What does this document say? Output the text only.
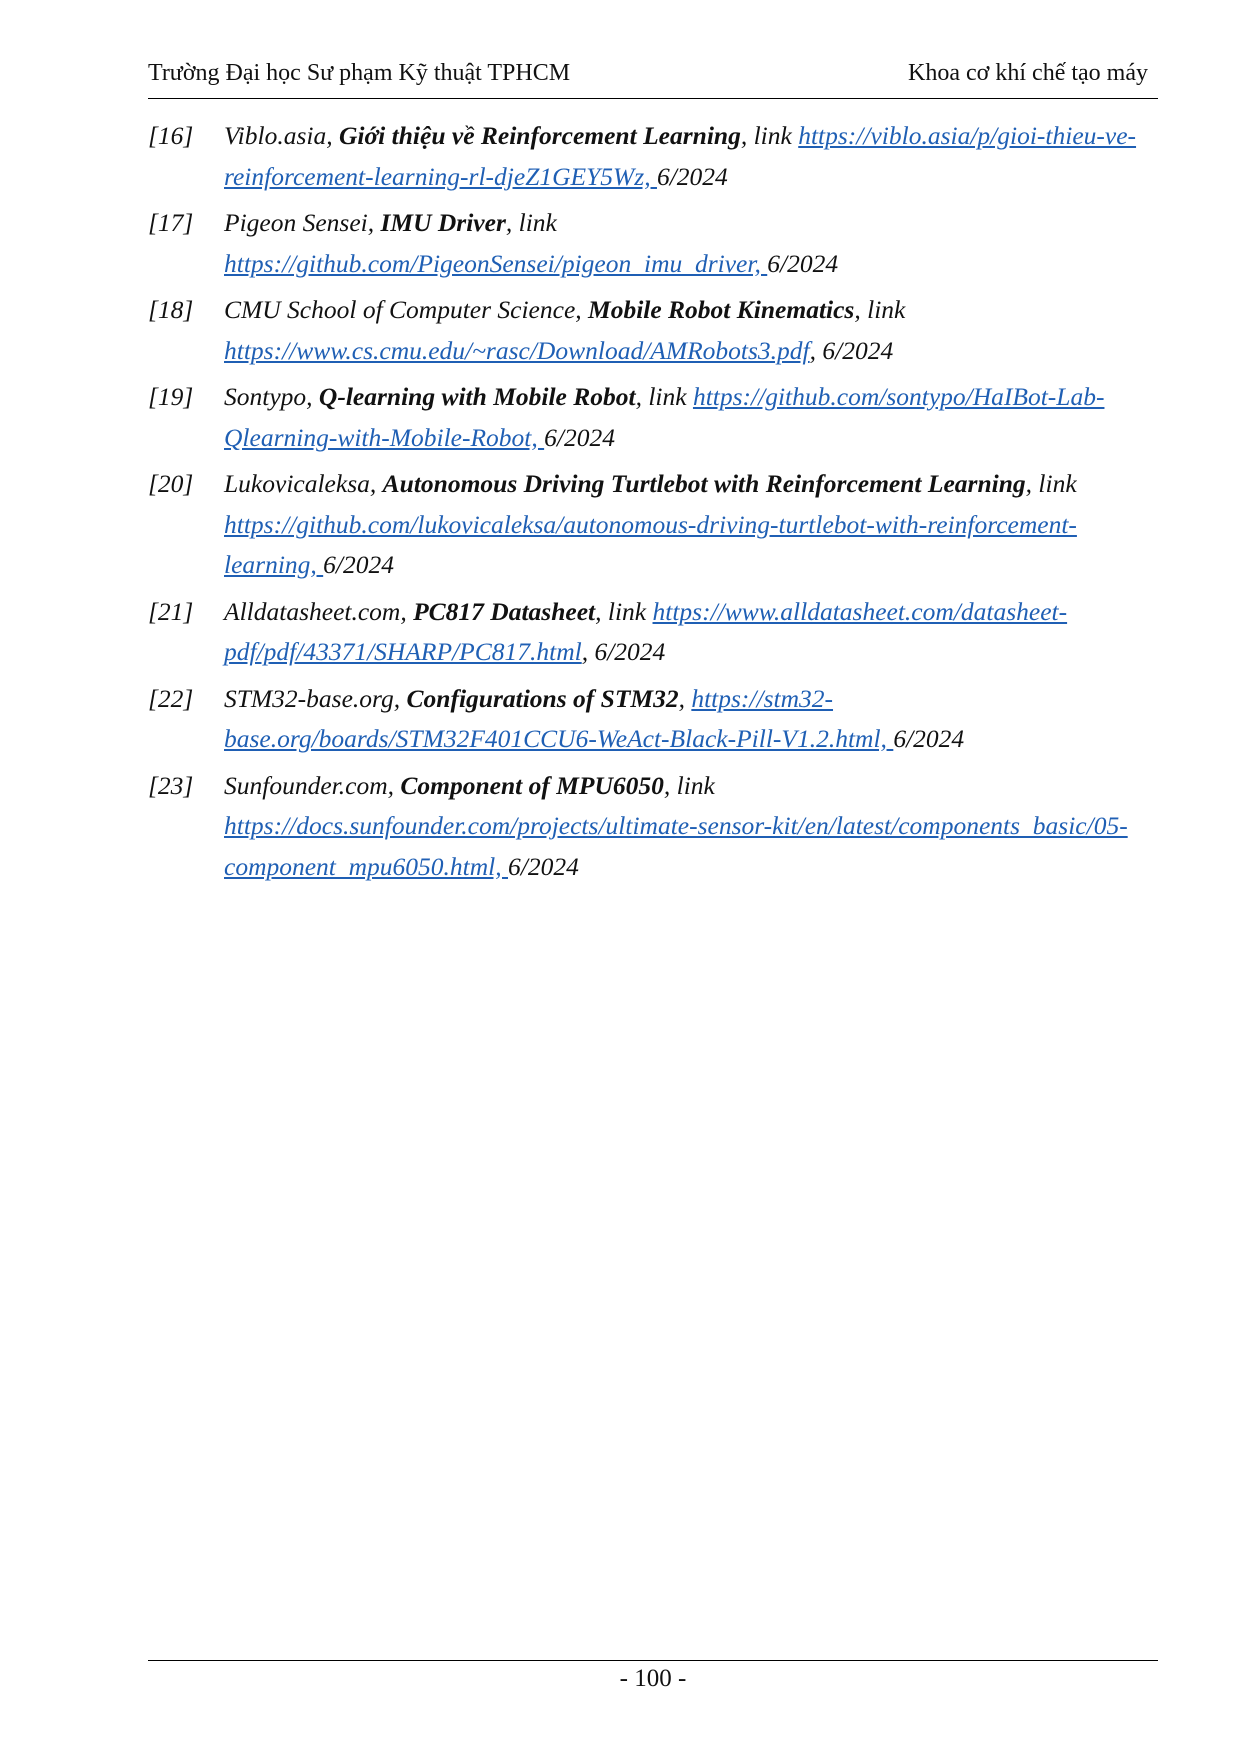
Trường Đại học Sư phạm Kỹ thuật TPHCM	Khoa cơ khí chế tạo máy
[16]	Viblo.asia, Giới thiệu về Reinforcement Learning, link https://viblo.asia/p/gioi-thieu-ve-reinforcement-learning-rl-djeZ1GEY5Wz, 6/2024
[17]	Pigeon Sensei, IMU Driver, link
https://github.com/PigeonSensei/pigeon_imu_driver, 6/2024
[18]	CMU School of Computer Science, Mobile Robot Kinematics, link
https://www.cs.cmu.edu/~rasc/Download/AMRobots3.pdf, 6/2024
[19]	Sontypo, Q-learning with Mobile Robot, link https://github.com/sontypo/HaIBot-Lab-Qlearning-with-Mobile-Robot, 6/2024
[20]	Lukovicaleksa, Autonomous Driving Turtlebot with Reinforcement Learning, link
https://github.com/lukovicaleksa/autonomous-driving-turtlebot-with-reinforcement-learning, 6/2024
[21]	Alldatasheet.com, PC817 Datasheet, link https://www.alldatasheet.com/datasheet-pdf/pdf/43371/SHARP/PC817.html, 6/2024
[22]	STM32-base.org, Configurations of STM32, https://stm32-base.org/boards/STM32F401CCU6-WeAct-Black-Pill-V1.2.html, 6/2024
[23]	Sunfounder.com, Component of MPU6050, link
https://docs.sunfounder.com/projects/ultimate-sensor-kit/en/latest/components_basic/05-component_mpu6050.html, 6/2024
- 100 -
